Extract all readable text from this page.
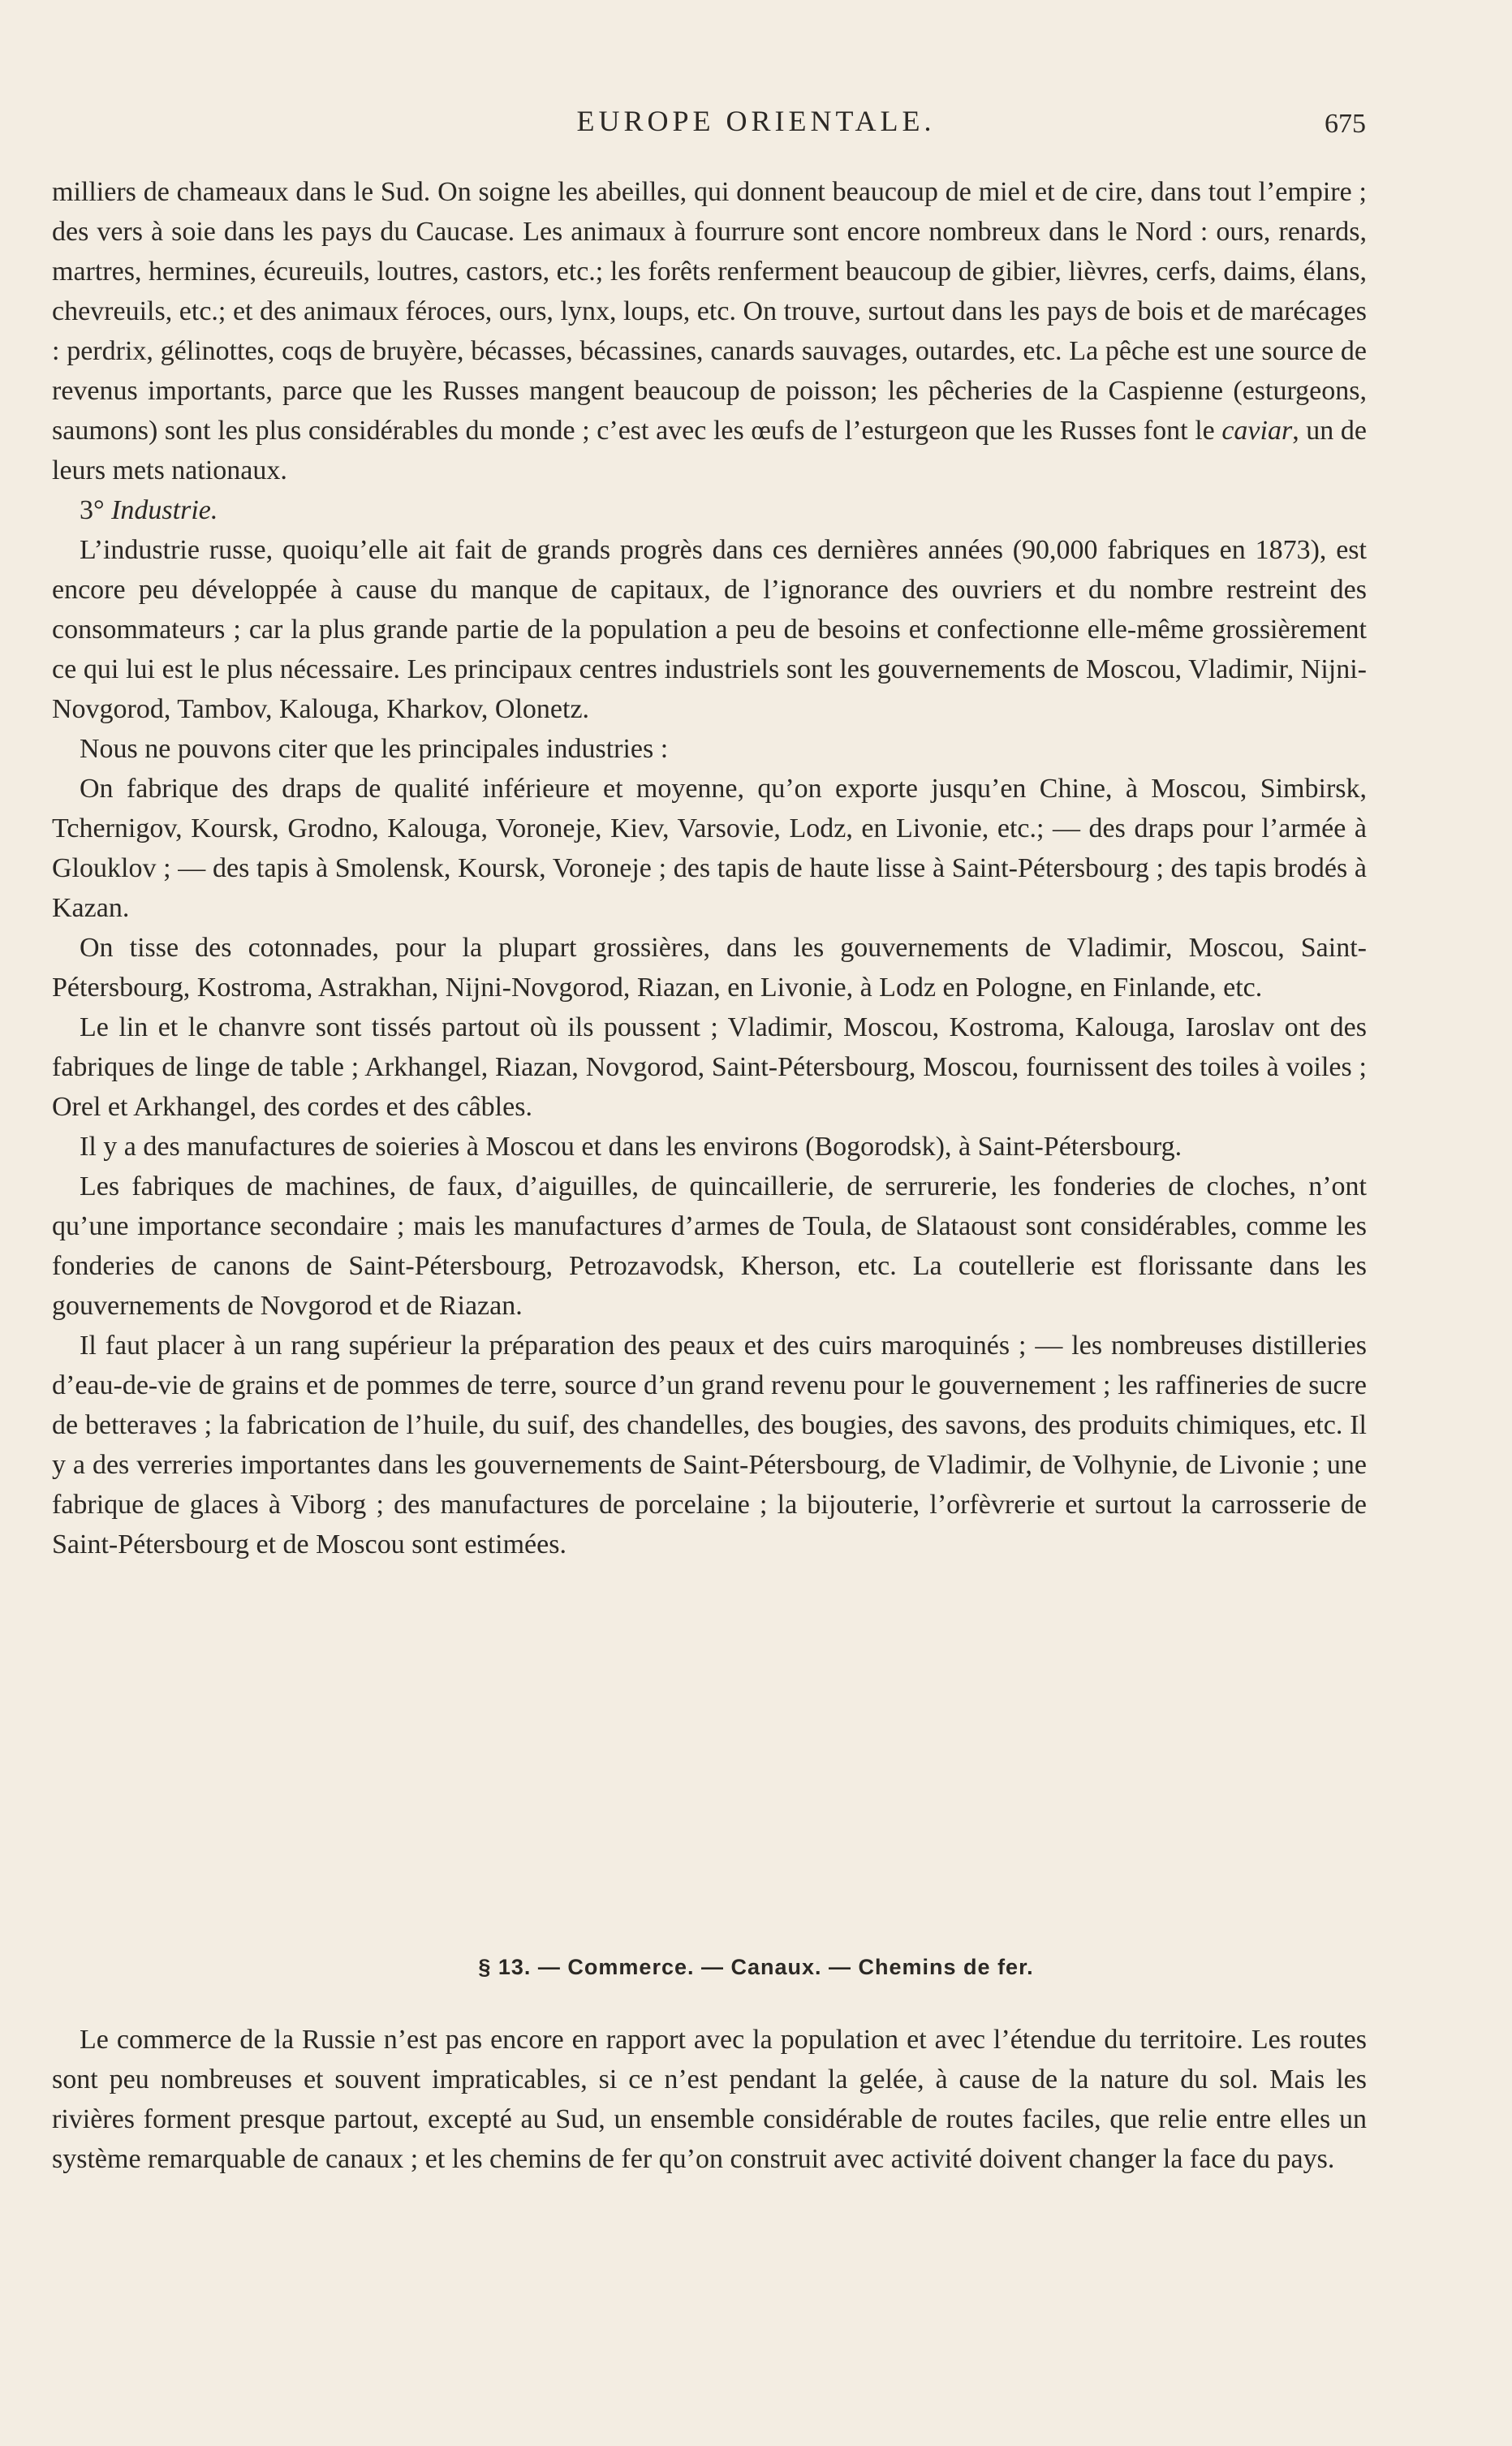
EUROPE ORIENTALE.	675

milliers de chameaux dans le Sud. On soigne les abeilles, qui donnent beaucoup de miel et de cire, dans tout l’empire ; des vers à soie dans les pays du Caucase. Les animaux à fourrure sont encore nombreux dans le Nord : ours, renards, martres, hermines, écureuils, loutres, castors, etc.; les forêts renferment beaucoup de gibier, lièvres, cerfs, daims, élans, chevreuils, etc.; et des animaux féroces, ours, lynx, loups, etc. On trouve, surtout dans les pays de bois et de marécages : perdrix, gélinottes, coqs de bruyère, bécasses, bécassines, canards sauvages, outardes, etc. La pêche est une source de revenus importants, parce que les Russes mangent beaucoup de poisson; les pêcheries de la Caspienne (esturgeons, saumons) sont les plus considérables du monde ; c’est avec les œufs de l’esturgeon que les Russes font le caviar, un de leurs mets nationaux.

3° Industrie.

L’industrie russe, quoiqu’elle ait fait de grands progrès dans ces dernières années (90,000 fabriques en 1873), est encore peu développée à cause du manque de capitaux, de l’ignorance des ouvriers et du nombre restreint des consommateurs ; car la plus grande partie de la population a peu de besoins et confectionne elle-même grossièrement ce qui lui est le plus nécessaire. Les principaux centres industriels sont les gouvernements de Moscou, Vladimir, Nijni-Novgorod, Tambov, Kalouga, Kharkov, Olonetz.

Nous ne pouvons citer que les principales industries :

On fabrique des draps de qualité inférieure et moyenne, qu’on exporte jusqu’en Chine, à Moscou, Simbirsk, Tchernigov, Koursk, Grodno, Kalouga, Voroneje, Kiev, Varsovie, Lodz, en Livonie, etc.; — des draps pour l’armée à Glouklov ; — des tapis à Smolensk, Koursk, Voroneje ; des tapis de haute lisse à Saint-Pétersbourg ; des tapis brodés à Kazan.

On tisse des cotonnades, pour la plupart grossières, dans les gouvernements de Vladimir, Moscou, Saint-Pétersbourg, Kostroma, Astrakhan, Nijni-Novgorod, Riazan, en Livonie, à Lodz en Pologne, en Finlande, etc.

Le lin et le chanvre sont tissés partout où ils poussent ; Vladimir, Moscou, Kostroma, Kalouga, Iaroslav ont des fabriques de linge de table ; Arkhangel, Riazan, Novgorod, Saint-Pétersbourg, Moscou, fournissent des toiles à voiles ; Orel et Arkhangel, des cordes et des câbles.

Il y a des manufactures de soieries à Moscou et dans les environs (Bogorodsk), à Saint-Pétersbourg.

Les fabriques de machines, de faux, d’aiguilles, de quincaillerie, de serrurerie, les fonderies de cloches, n’ont qu’une importance secondaire ; mais les manufactures d’armes de Toula, de Slataoust sont considérables, comme les fonderies de canons de Saint-Pétersbourg, Petrozavodsk, Kherson, etc. La coutellerie est florissante dans les gouvernements de Novgorod et de Riazan.

Il faut placer à un rang supérieur la préparation des peaux et des cuirs maroquinés ; — les nombreuses distilleries d’eau-de-vie de grains et de pommes de terre, source d’un grand revenu pour le gouvernement ; les raffineries de sucre de betteraves ; la fabrication de l’huile, du suif, des chandelles, des bougies, des savons, des produits chimiques, etc. Il y a des verreries importantes dans les gouvernements de Saint-Pétersbourg, de Vladimir, de Volhynie, de Livonie ; une fabrique de glaces à Viborg ; des manufactures de porcelaine ; la bijouterie, l’orfèvrerie et surtout la carrosserie de Saint-Pétersbourg et de Moscou sont estimées.

§ 13. — Commerce. — Canaux. — Chemins de fer.

Le commerce de la Russie n’est pas encore en rapport avec la population et avec l’étendue du territoire. Les routes sont peu nombreuses et souvent impraticables, si ce n’est pendant la gelée, à cause de la nature du sol. Mais les rivières forment presque partout, excepté au Sud, un ensemble considérable de routes faciles, que relie entre elles un système remarquable de canaux ; et les chemins de fer qu’on construit avec activité doivent changer la face du pays.
